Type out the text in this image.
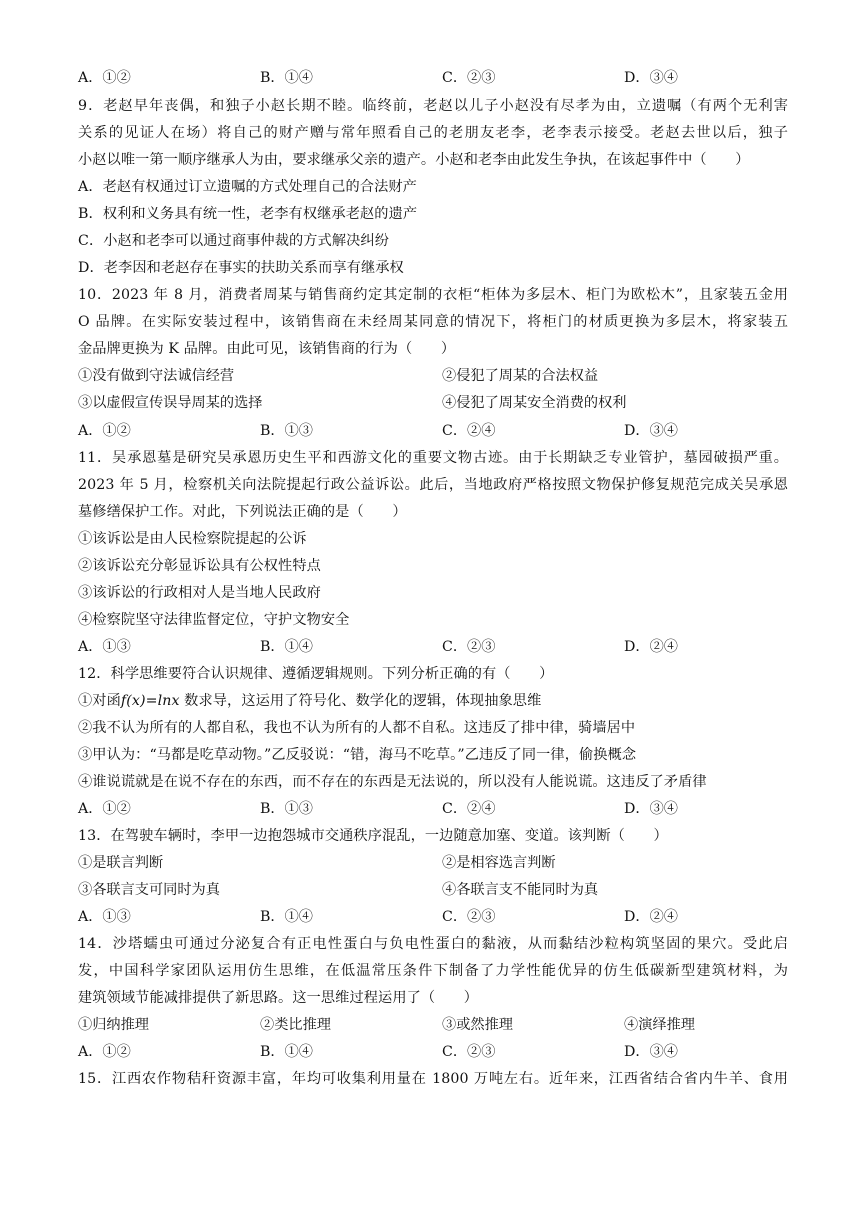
A．①②	B．①④	C．②③	D．③④
9．老赵早年丧偶，和独子小赵长期不睦。临终前，老赵以儿子小赵没有尽孝为由，立遗嘱（有两个无利害
关系的见证人在场）将自己的财产赠与常年照看自己的老朋友老李，老李表示接受。老赵去世以后，独子
小赵以唯一第一顺序继承人为由，要求继承父亲的遗产。小赵和老李由此发生争执，在该起事件中（　　）
A．老赵有权通过订立遗嘱的方式处理自己的合法财产
B．权利和义务具有统一性，老李有权继承老赵的遗产
C．小赵和老李可以通过商事仲裁的方式解决纠纷
D．老李因和老赵存在事实的扶助关系而享有继承权
10．2023 年 8 月，消费者周某与销售商约定其定制的衣柜“柜体为多层木、柜门为欧松木”，且家装五金用
O 品牌。在实际安装过程中，该销售商在未经周某同意的情况下，将柜门的材质更换为多层木，将家装五
金品牌更换为 K 品牌。由此可见，该销售商的行为（　　）
①没有做到守法诚信经营	②侵犯了周某的合法权益
③以虚假宣传误导周某的选择	④侵犯了周某安全消费的权利
A．①②	B．①③	C．②④	D．③④
11．吴承恩墓是研究吴承恩历史生平和西游文化的重要文物古迹。由于长期缺乏专业管护，墓园破损严重。
2023 年 5 月，检察机关向法院提起行政公益诉讼。此后，当地政府严格按照文物保护修复规范完成关吴承恩
墓修缮保护工作。对此，下列说法正确的是（　　）
①该诉讼是由人民检察院提起的公诉
②该诉讼充分彰显诉讼具有公权性特点
③该诉讼的行政相对人是当地人民政府
④检察院坚守法律监督定位，守护文物安全
A．①③	B．①④	C．②③	D．②④
12．科学思维要符合认识规律、遵循逻辑规则。下列分析正确的有（　　）
①对函f(x)=lnx 数求导，这运用了符号化、数学化的逻辑，体现抽象思维
②我不认为所有的人都自私，我也不认为所有的人都不自私。这违反了排中律，骑墙居中
③甲认为：“马都是吃草动物。”乙反驳说：“错，海马不吃草。”乙违反了同一律，偷换概念
④谁说谎就是在说不存在的东西，而不存在的东西是无法说的，所以没有人能说谎。这违反了矛盾律
A．①②	B．①③	C．②④	D．③④
13．在驾驶车辆时，李甲一边抱怨城市交通秩序混乱，一边随意加塞、变道。该判断（　　）
①是联言判断	②是相容选言判断
③各联言支可同时为真	④各联言支不能同时为真
A．①③	B．①④	C．②③	D．②④
14．沙塔蠕虫可通过分泌复合有正电性蛋白与负电性蛋白的黏液，从而黏结沙粒构筑坚固的果穴。受此启
发，中国科学家团队运用仿生思维，在低温常压条件下制备了力学性能优异的仿生低碳新型建筑材料，为
建筑领域节能减排提供了新思路。这一思维过程运用了（　　）
①归纳推理	②类比推理	③或然推理	④演绎推理
A．①②	B．①④	C．②③	D．③④
15．江西农作物秸秆资源丰富，年均可收集利用量在 1800 万吨左右。近年来，江西省结合省内牛羊、食用
